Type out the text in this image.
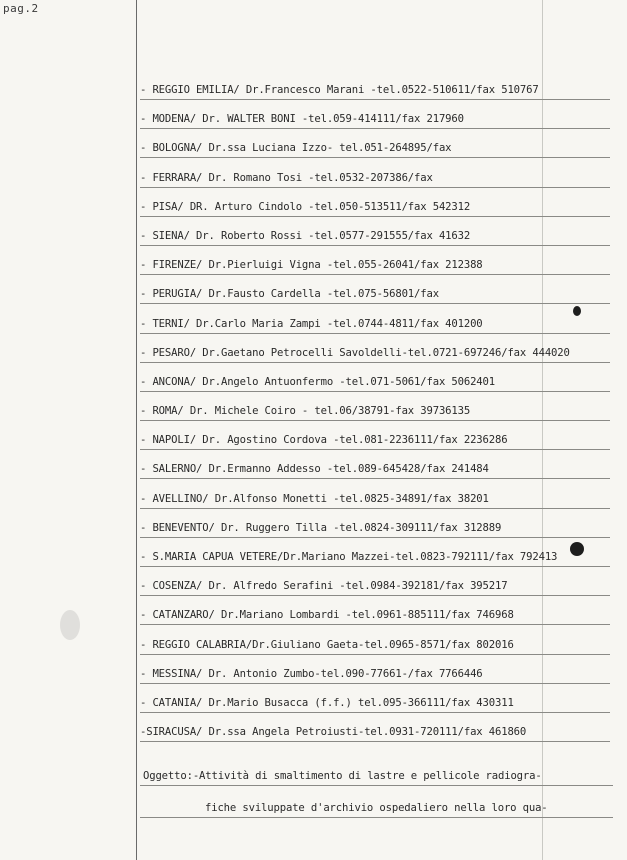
pag.2
- REGGIO EMILIA/ Dr.Francesco Marani -tel.0522-510611/fax 510767
- MODENA/ Dr. WALTER BONI -tel.059-414111/fax 217960
- BOLOGNA/ Dr.ssa Luciana Izzo- tel.051-264895/fax
- FERRARA/ Dr. Romano Tosi -tel.0532-207386/fax
- PISA/ DR. Arturo Cindolo -tel.050-513511/fax 542312
- SIENA/ Dr. Roberto Rossi -tel.0577-291555/fax 41632
- FIRENZE/ Dr.Pierluigi Vigna -tel.055-26041/fax 212388
- PERUGIA/ Dr.Fausto Cardella -tel.075-56801/fax
- TERNI/ Dr.Carlo Maria Zampi -tel.0744-4811/fax 401200
- PESARO/ Dr.Gaetano Petrocelli Savoldelli-tel.0721-697246/fax 444020
- ANCONA/ Dr.Angelo Antuonfermo -tel.071-5061/fax 5062401
- ROMA/ Dr. Michele Coiro - tel.06/38791-fax 39736135
- NAPOLI/ Dr. Agostino Cordova -tel.081-2236111/fax 2236286
- SALERNO/ Dr.Ermanno Addesso -tel.089-645428/fax 241484
- AVELLINO/ Dr.Alfonso Monetti -tel.0825-34891/fax 38201
- BENEVENTO/ Dr. Ruggero Tilla -tel.0824-309111/fax 312889
- S.MARIA CAPUA VETERE/Dr.Mariano Mazzei-tel.0823-792111/fax 792413
- COSENZA/ Dr. Alfredo Serafini -tel.0984-392181/fax 395217
- CATANZARO/ Dr.Mariano Lombardi -tel.0961-885111/fax 746968
- REGGIO CALABRIA/Dr.Giuliano Gaeta-tel.0965-8571/fax 802016
- MESSINA/ Dr. Antonio Zumbo-tel.090-77661-/fax 7766446
- CATANIA/ Dr.Mario Busacca (f.f.) tel.095-366111/fax 430311
-SIRACUSA/ Dr.ssa Angela Petroiusti-tel.0931-720111/fax 461860
Oggetto:-Attività di smaltimento di lastre e pellicole radiogra-
fiche sviluppate d'archivio ospedaliero nella loro qua-
